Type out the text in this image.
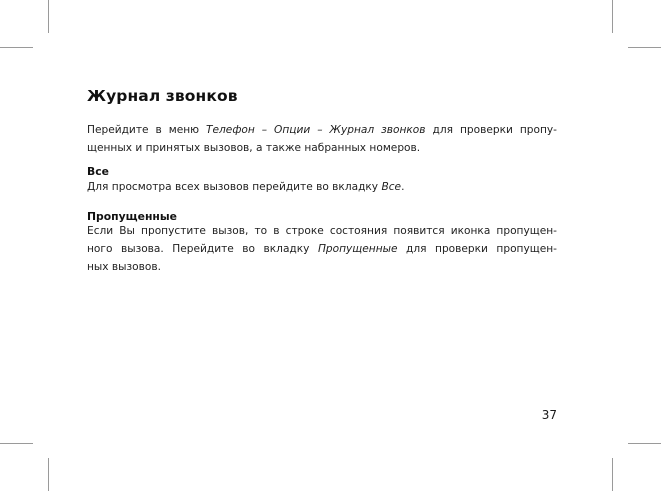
Журнал звонков
Перейдите в меню Телефон – Опции – Журнал звонков для проверки пропу-
щенных и принятых вызовов, а также набранных номеров.
Все
Для просмотра всех вызовов перейдите во вкладку Все.
Пропущенные
Если Вы пропустите вызов, то в строке состояния появится иконка пропущен-
ного вызова. Перейдите во вкладку Пропущенные для проверки пропущен-
ных вызовов.
37
